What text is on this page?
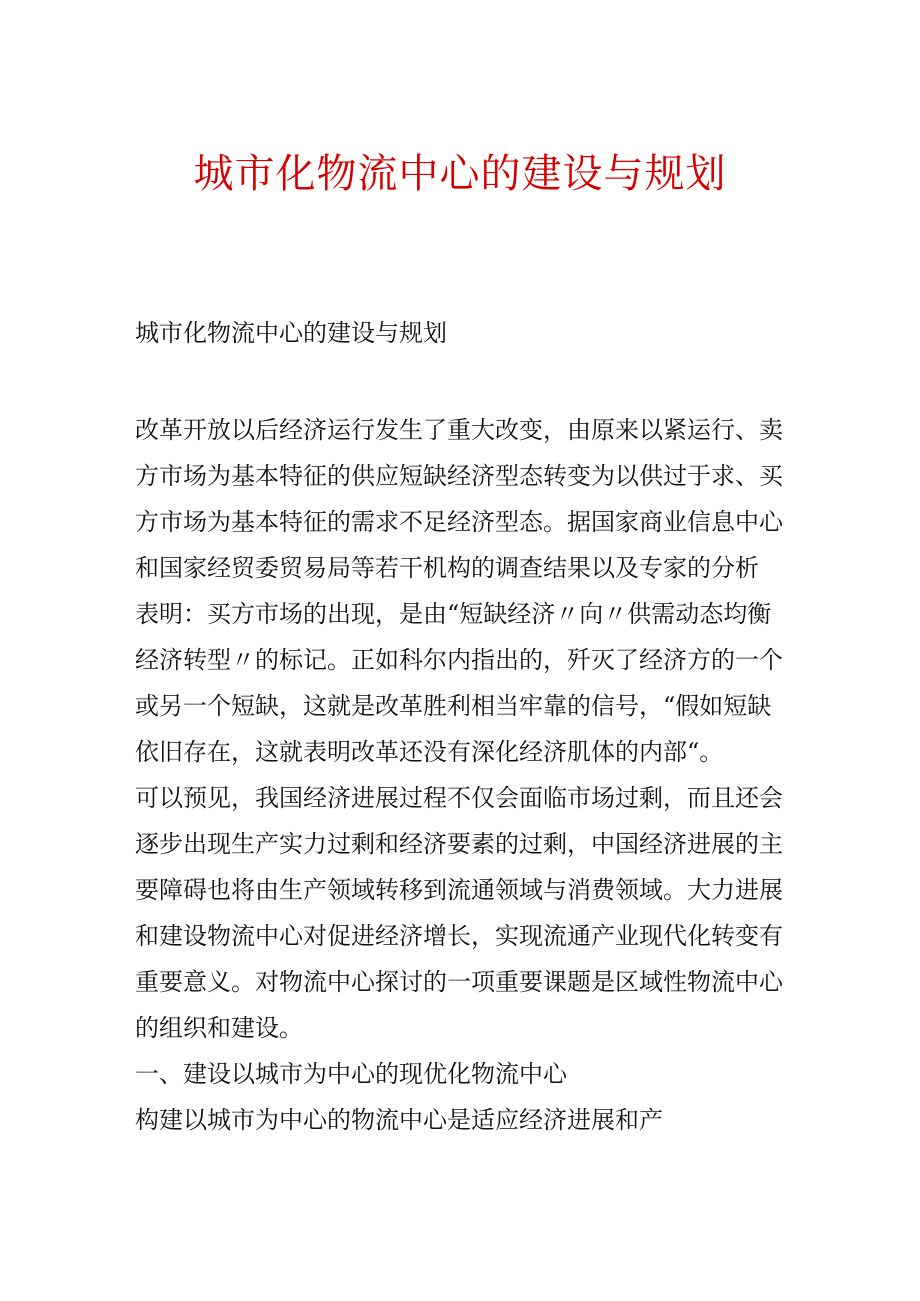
城市化物流中心的建设与规划
城市化物流中心的建设与规划
改革开放以后经济运行发生了重大改变，由原来以紧运行、卖
方市场为基本特征的供应短缺经济型态转变为以供过于求、买
方市场为基本特征的需求不足经济型态。据国家商业信息中心
和国家经贸委贸易局等若干机构的调查结果以及专家的分析
表明：买方市场的出现，是由“短缺经济〃向〃供需动态均衡
经济转型〃的标记。正如科尔内指出的，歼灭了经济方的一个
或另一个短缺，这就是改革胜利相当牢靠的信号，“假如短缺
依旧存在，这就表明改革还没有深化经济肌体的内部“。
可以预见，我国经济进展过程不仅会面临市场过剩，而且还会
逐步出现生产实力过剩和经济要素的过剩，中国经济进展的主
要障碍也将由生产领域转移到流通领域与消费领域。大力进展
和建设物流中心对促进经济增长，实现流通产业现代化转变有
重要意义。对物流中心探讨的一项重要课题是区域性物流中心
的组织和建设。
一、建设以城市为中心的现优化物流中心
构建以城市为中心的物流中心是适应经济进展和产
